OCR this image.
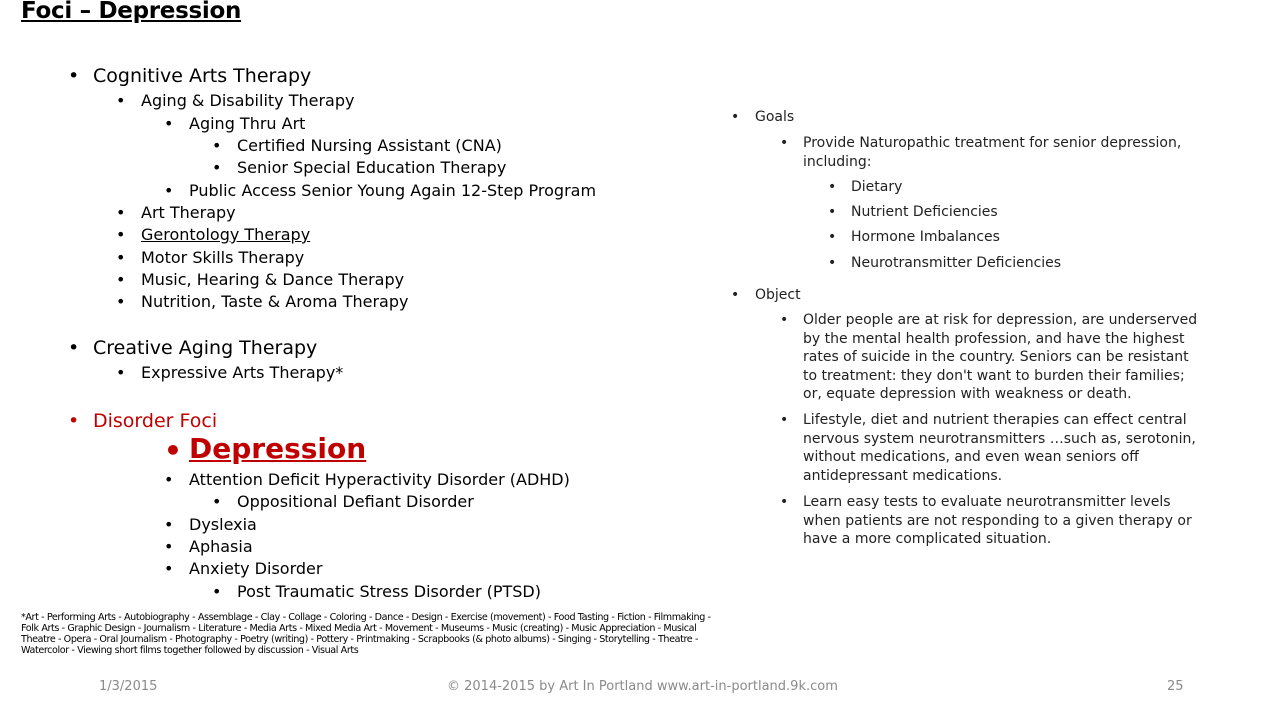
Foci – Depression
• Cognitive Arts Therapy
• Aging & Disability Therapy
• Aging Thru Art
• Certified Nursing Assistant (CNA)
• Senior Special Education Therapy
• Public Access Senior Young Again 12-Step Program
• Art Therapy
• Gerontology Therapy
• Motor Skills Therapy
• Music, Hearing & Dance Therapy
• Nutrition, Taste & Aroma Therapy
• Creative Aging Therapy
• Expressive Arts Therapy*
• Disorder Foci
• Depression
• Attention Deficit Hyperactivity Disorder (ADHD)
• Oppositional Defiant Disorder
• Dyslexia
• Aphasia
• Anxiety Disorder
• Post Traumatic Stress Disorder (PTSD)
*Art - Performing Arts - Autobiography - Assemblage - Clay - Collage - Coloring - Dance - Design - Exercise (movement) - Food Tasting - Fiction - Filmmaking - Folk Arts - Graphic Design - Journalism - Literature - Media Arts - Mixed Media Art - Movement - Museums - Music (creating) - Music Appreciation - Musical Theatre - Opera - Oral Journalism - Photography - Poetry (writing) - Pottery - Printmaking - Scrapbooks (& photo albums) - Singing - Storytelling - Theatre - Watercolor - Viewing short films together followed by discussion - Visual Arts
• Goals
• Provide Naturopathic treatment for senior depression, including:
• Dietary
• Nutrient Deficiencies
• Hormone Imbalances
• Neurotransmitter Deficiencies
• Object
• Older people are at risk for depression, are underserved by the mental health profession, and have the highest rates of suicide in the country. Seniors can be resistant to treatment: they don't want to burden their families; or, equate depression with weakness or death.
• Lifestyle, diet and nutrient therapies can effect central nervous system neurotransmitters …such as, serotonin, without medications, and even wean seniors off antidepressant medications.
• Learn easy tests to evaluate neurotransmitter levels when patients are not responding to a given therapy or have a more complicated situation.
1/3/2015	© 2014-2015 by Art In Portland www.art-in-portland.9k.com	25
